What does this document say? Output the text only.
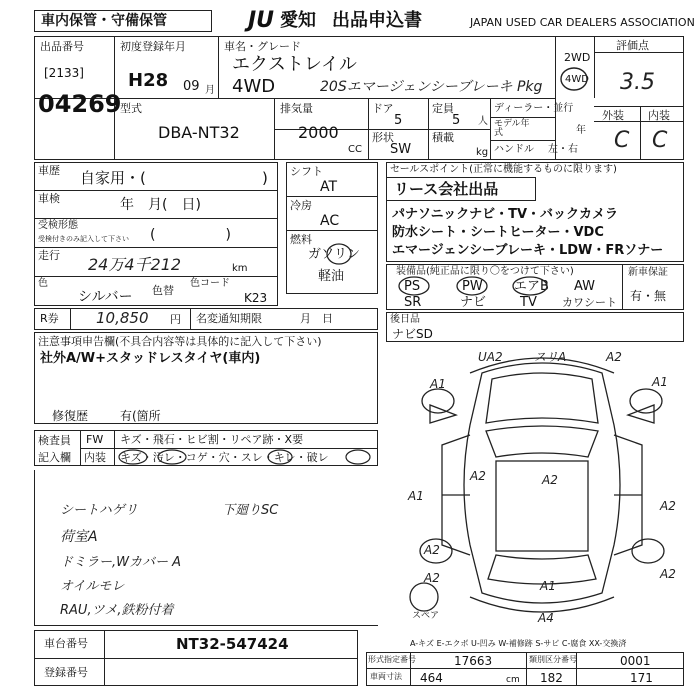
車内保管・守備保管	JU 愛知 出品申込書	JAPAN USED CAR DEALERS ASSOCIATION
出品番号
[2133]
04269
初度登録年月
H28 09 月
車名・グレード
エクストレイル
4WD	20Sエマージェンシーブレーキ Pkg
2WD
4WD
評価点
3.5
外装 内装
C C
型式
DBA-NT32
排気量
2000
CC
ドア
5
定員
5 人
形状
SW
積載
kg
ディーラー・並行
モデル年式	年
ハンドル 左・右
車歴 自家用・(	)
車検	年　月(　日)
受検形態
受検付きのみ記入して下さい (　　　　　)
走行 24万4千212	km
色
シルバー 色替
色コード
K23
シフト
AT
冷房
AC
燃料
ガソリン
軽油
R券 10,850 円 名変通知期限	月　日
セールスポイント(正常に機能するものに限ります)
リース会社出品
パナソニックナビ・TV・バックカメラ
防水シート・シートヒーター・VDC
エマージェンシーブレーキ・LDW・FRソナー
装備品(純正品に限り〇をつけて下さい)
PS	PW エアB AW
SR	ナビ	TV カワシート
新車保証
有・無
後日品
ナビSD
注意事項申告欄(不具合内容等は具体的に記入して下さい)
社外A/W+スタッドレスタイヤ(車内)
修復歴	有(箇所
検査員
記入欄
FW キズ・飛石・ヒビ割・リペア跡・X要
内装 キズ・汚レ・コゲ・穴・スレ・キレ・破レ
シートハゲリ	下廻りSC
荷室A
ドミラー,Wカバー A
オイルモレ
RAU,ツメ,鉄粉付着
UA2	スリA	A2
A1	A1
A2	A2
A1
A2
A2
A2
A2
A1
A4
スペア
A-キズ E-エクボ U-凹み W-補修跡 S-サビ C-腐食 XX-交換済
車台番号	NT32-547424
登録番号
形式指定番号	17663	類別区分番号	0001
車両寸法 464	182	171
cm
